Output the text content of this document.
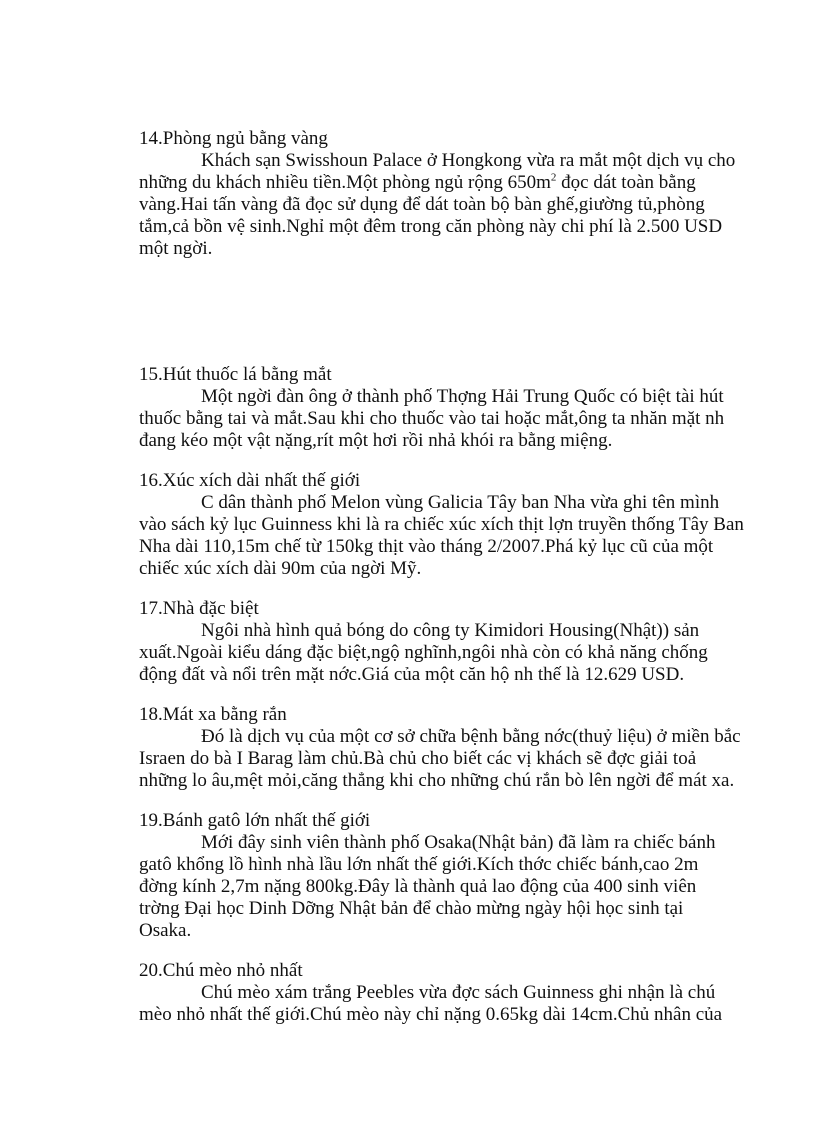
14.Phòng ngủ bằng vàng

Khách sạn Swisshoun Palace ở Hongkong vừa ra mắt một dịch vụ cho
những du khách nhiều tiền.Một phòng ngủ rộng $650m^2$ đọc dát toàn bằng
vàng.Hai tấn vàng đã đọc sử dụng để dát toàn bộ bàn ghế,giường tủ,phòng
tắm,cả bồn vệ sinh.Nghỉ một đêm trong căn phòng này chi phí là 2.500 USD
một ngời.

15.Hút thuốc lá bằng mắt

Một ngời đàn ông ở thành phố Thợng Hải Trung Quốc có biệt tài hút
thuốc bằng tai và mắt.Sau khi cho thuốc vào tai hoặc mắt,ông ta nhăn mặt nh
đang kéo một vật nặng,rít một hơi rồi nhả khói ra bằng miệng.

16.Xúc xích dài nhất thế giới

C dân thành phố Melon vùng Galicia Tây ban Nha vừa ghi tên mình
vào sách kỷ lục Guinness khi là ra chiếc xúc xích thịt lợn truyền thống Tây Ban
Nha dài 110,15m chế từ 150kg thịt vào tháng 2/2007.Phá kỷ lục cũ của một
chiếc xúc xích dài 90m của ngời Mỹ.

17.Nhà đặc biệt

Ngôi nhà hình quả bóng do công ty Kimidori Housing(Nhật)) sản
xuất.Ngoài kiểu dáng đặc biệt,ngộ nghĩnh,ngôi nhà còn có khả năng chống
động đất và nổi trên mặt nớc.Giá của một căn hộ nh thế là 12.629 USD.

18.Mát xa bằng rắn

Đó là dịch vụ của một cơ sở chữa bệnh bằng nớc(thuỷ liệu) ở miền bắc
Israen do bà I Barag làm chủ.Bà chủ cho biết các vị khách sẽ đợc giải toả
những lo âu,mệt mỏi,căng thẳng khi cho những chú rắn bò lên ngời để mát xa.

19.Bánh gatô lớn nhất thế giới

Mới đây sinh viên thành phố Osaka(Nhật bản) đã làm ra chiếc bánh
gatô khổng lồ hình nhà lầu lớn nhất thế giới.Kích thớc chiếc bánh,cao 2m
đờng kính 2,7m nặng 800kg.Đây là thành quả lao động của 400 sinh viên
trờng Đại học Dinh Dỡng Nhật bản để chào mừng ngày hội học sinh tại
Osaka.

20.Chú mèo nhỏ nhất

Chú mèo xám trắng Peebles vừa đợc sách Guinness ghi nhận là chú
mèo nhỏ nhất thế giới.Chú mèo này chỉ nặng 0.65kg dài 14cm.Chủ nhân của
